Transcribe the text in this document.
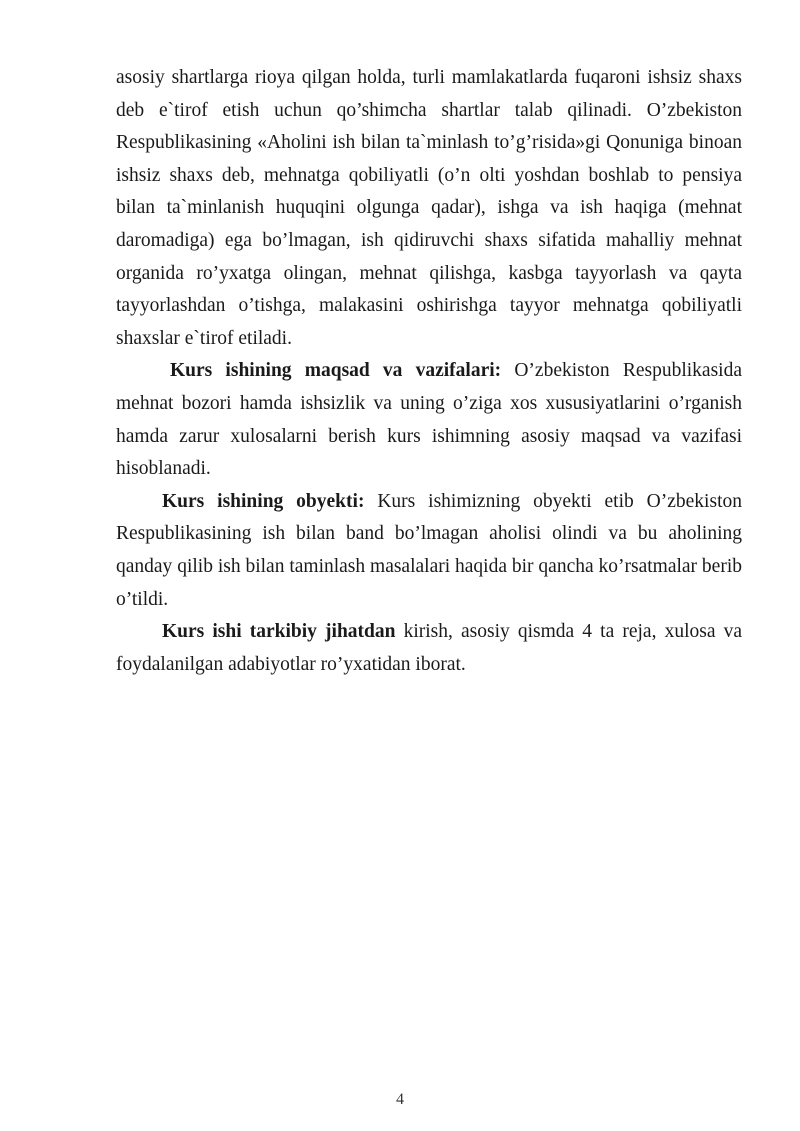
asosiy shartlarga rioya qilgan holda, turli mamlakatlarda fuqaroni ishsiz shaxs deb e`tirof etish uchun qo’shimcha shartlar talab qilinadi. O’zbekiston Respublikasining «Aholini ish bilan ta`minlash to’g’risida»gi Qonuniga binoan ishsiz shaxs deb, mehnatga qobiliyatli (o’n olti yoshdan boshlab to pensiya bilan ta`minlanish huquqini olgunga qadar), ishga va ish haqiga (mehnat daromadiga) ega bo’lmagan, ish qidiruvchi shaxs sifatida mahalliy mehnat organida ro’yxatga olingan, mehnat qilishga, kasbga tayyorlash va qayta tayyorlashdan o’tishga, malakasini oshirishga tayyor mehnatga qobiliyatli shaxslar e`tirof etiladi.

Kurs ishining maqsad va vazifalari: O’zbekiston Respublikasida mehnat bozori hamda ishsizlik va uning o’ziga xos xususiyatlarini o’rganish hamda zarur xulosalarni berish kurs ishimning asosiy maqsad va vazifasi hisoblanadi.

Kurs ishining obyekti: Kurs ishimizning obyekti etib O’zbekiston Respublikasining ish bilan band bo’lmagan aholisi olindi va bu aholining qanday qilib ish bilan taminlash masalalari haqida bir qancha ko’rsatmalar berib o’tildi.

Kurs ishi tarkibiy jihatdan kirish, asosiy qismda 4 ta reja, xulosa va foydalanilgan adabiyotlar ro’yxatidan iborat.

4
